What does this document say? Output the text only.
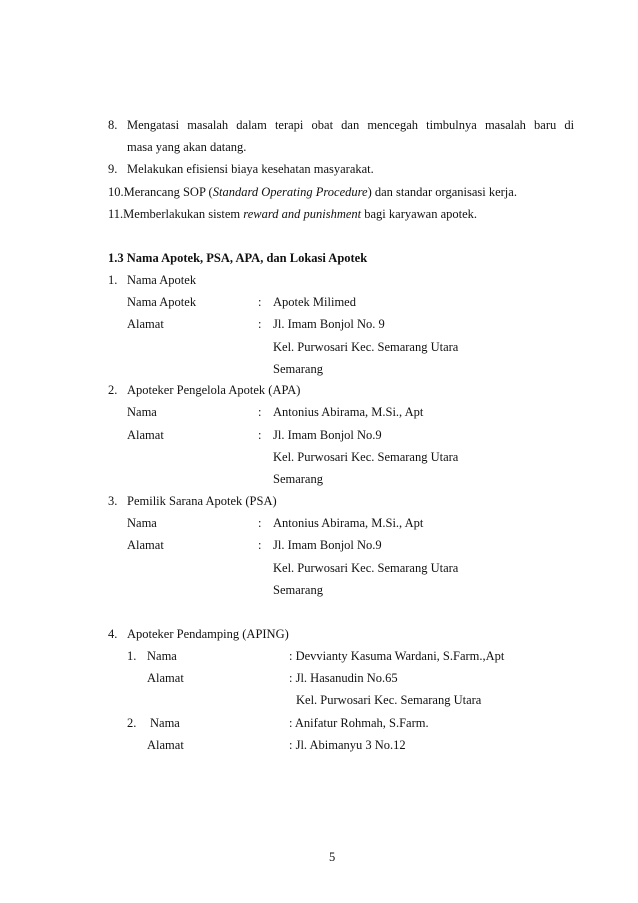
8. Mengatasi masalah dalam terapi obat dan mencegah timbulnya masalah baru di
masa yang akan datang.
9. Melakukan efisiensi biaya kesehatan masyarakat.
10.Merancang SOP (Standard Operating Procedure) dan standar organisasi kerja.
11.Memberlakukan sistem reward and punishment bagi karyawan apotek.
1.3 Nama Apotek, PSA, APA, dan Lokasi Apotek
1. Nama Apotek
Nama Apotek	: Apotek Milimed
Alamat	: Jl. Imam Bonjol No. 9
Kel. Purwosari Kec. Semarang Utara
Semarang
2. Apoteker Pengelola Apotek (APA)
Nama	: Antonius Abirama, M.Si., Apt
Alamat	: Jl. Imam Bonjol No.9
Kel. Purwosari Kec. Semarang Utara
Semarang
3. Pemilik Sarana Apotek (PSA)
Nama	: Antonius Abirama, M.Si., Apt
Alamat	: Jl. Imam Bonjol No.9
Kel. Purwosari Kec. Semarang Utara
Semarang
4. Apoteker Pendamping (APING)
1. Nama	: Devvianty Kasuma Wardani, S.Farm.,Apt
Alamat	: Jl. Hasanudin No.65
Kel. Purwosari Kec. Semarang Utara
2. Nama	: Anifatur Rohmah, S.Farm.
Alamat	: Jl. Abimanyu 3 No.12
5
